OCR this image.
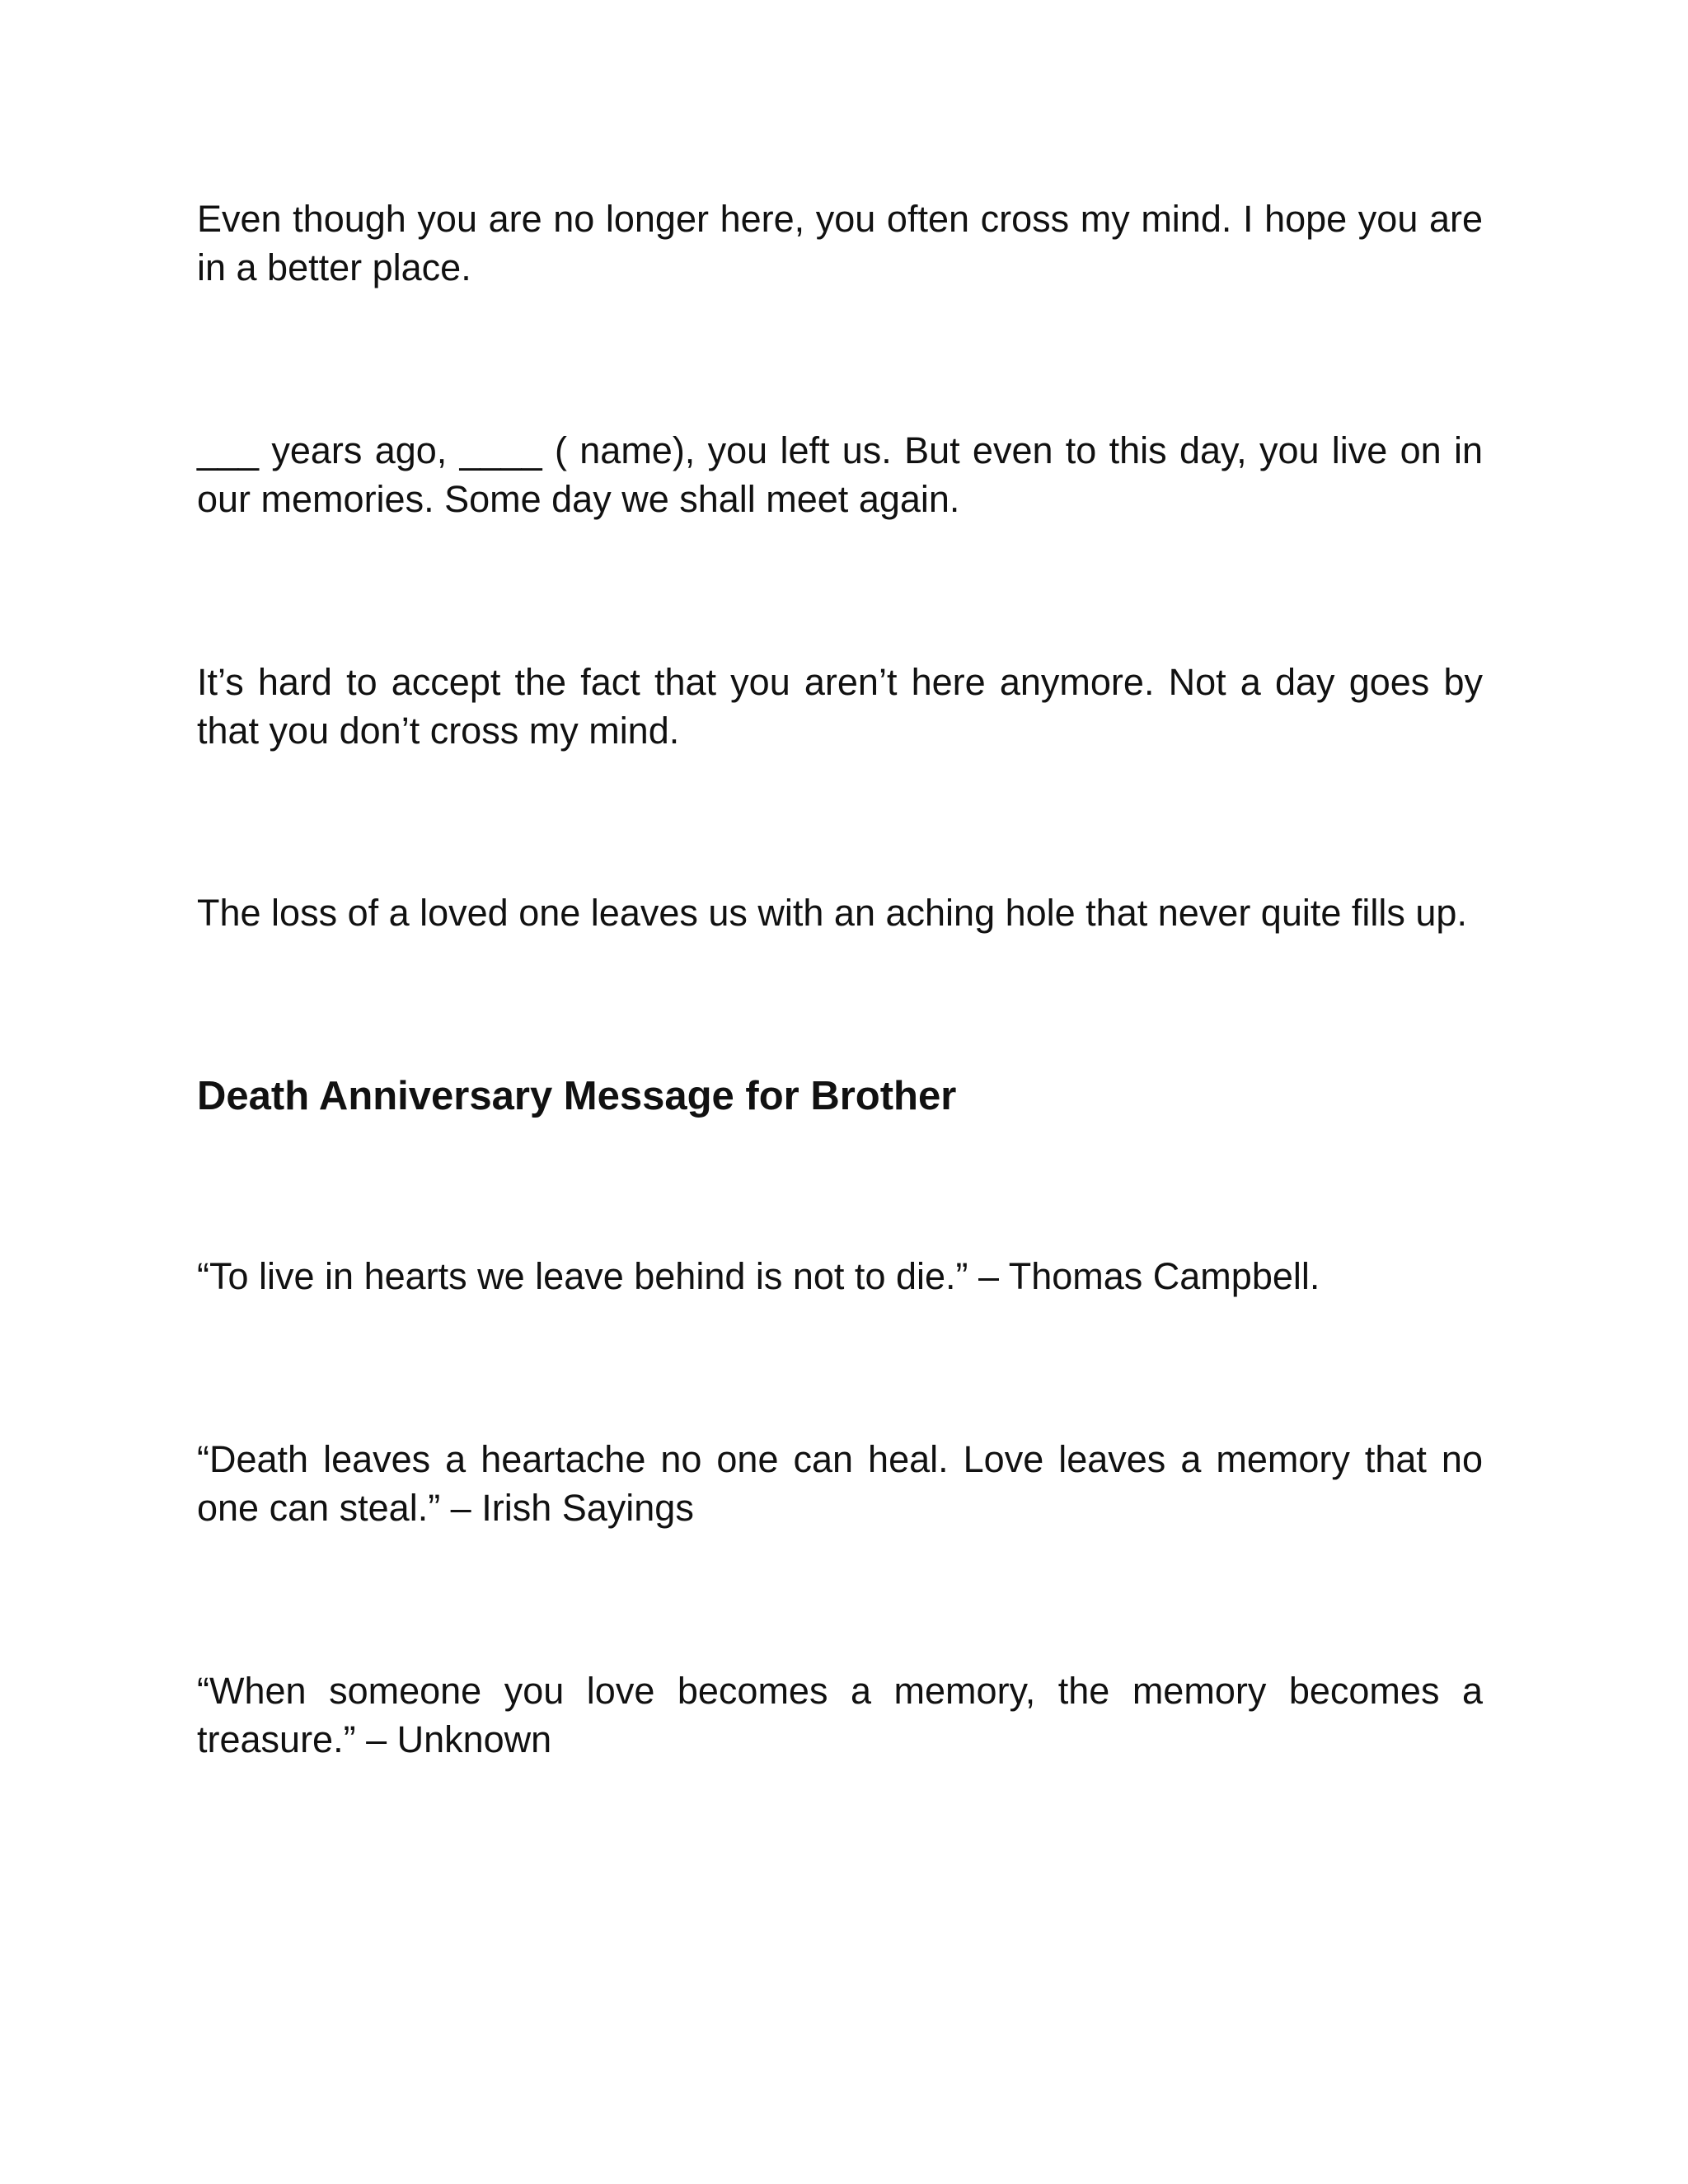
Even though you are no longer here, you often cross my mind. I hope you are in a better place.

___ years ago, ____ ( name), you left us. But even to this day, you live on in our memories. Some day we shall meet again.

It’s hard to accept the fact that you aren’t here anymore. Not a day goes by that you don’t cross my mind.

The loss of a loved one leaves us with an aching hole that never quite fills up.

Death Anniversary Message for Brother

“To live in hearts we leave behind is not to die.” – Thomas Campbell.

“Death leaves a heartache no one can heal. Love leaves a memory that no one can steal.” – Irish Sayings

“When someone you love becomes a memory, the memory becomes a treasure.” – Unknown
